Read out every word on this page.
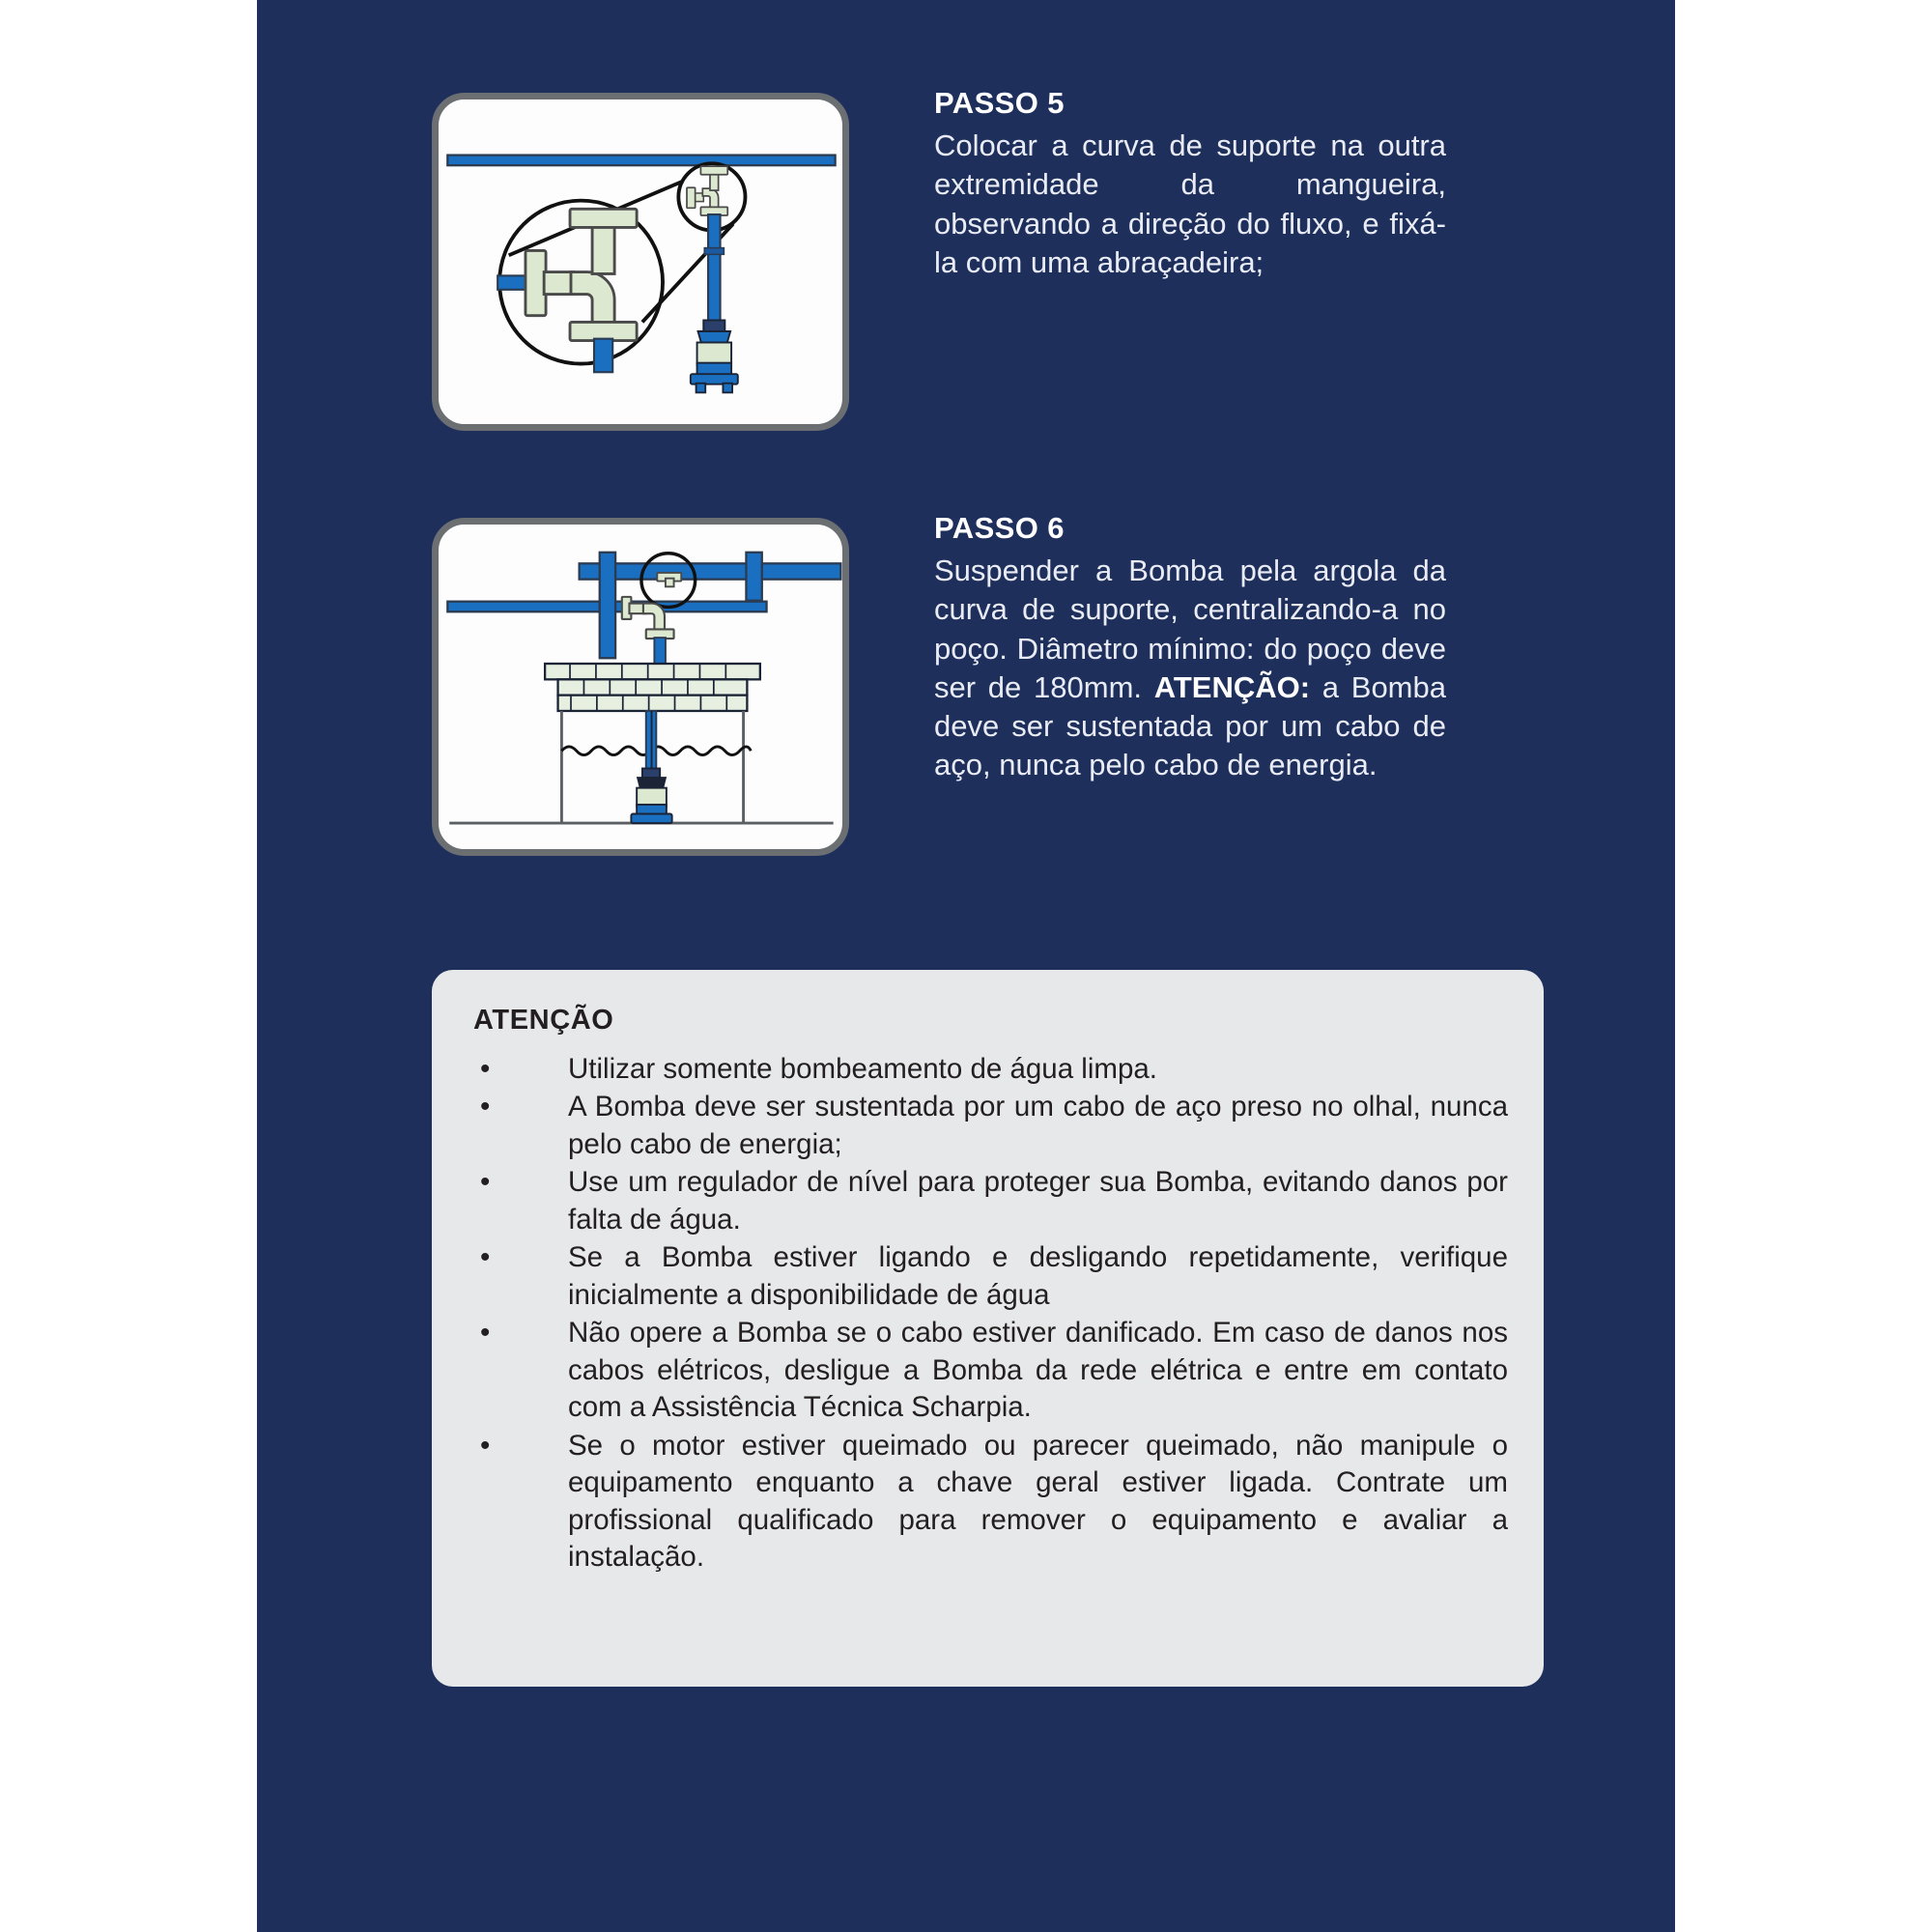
PASSO 5

Colocar a curva de suporte na outra extremidade da mangueira, observando a direção do fluxo, e fixá-la com uma abraçadeira;

PASSO 6

Suspender a Bomba pela argola da curva de suporte, centralizando-a no poço. Diâmetro mínimo: do poço deve ser de 180mm. ATENÇÃO: a Bomba deve ser sustentada por um cabo de aço, nunca pelo cabo de energia.

ATENÇÃO
•	Utilizar somente bombeamento de água limpa.
•	A Bomba deve ser sustentada por um cabo de aço preso no olhal, nunca pelo cabo de energia;
•	Use um regulador de nível para proteger sua Bomba, evitando danos por falta de água.
•	Se a Bomba estiver ligando e desligando repetidamente, verifique inicialmente a disponibilidade de água
•	Não opere a Bomba se o cabo estiver danificado. Em caso de danos nos cabos elétricos, desligue a Bomba da rede elétrica e entre em contato com a Assistência Técnica Scharpia.
•	Se o motor estiver queimado ou parecer queimado, não manipule o equipamento enquanto a chave geral estiver ligada. Contrate um profissional qualificado para remover o equipamento e avaliar a instalação.
